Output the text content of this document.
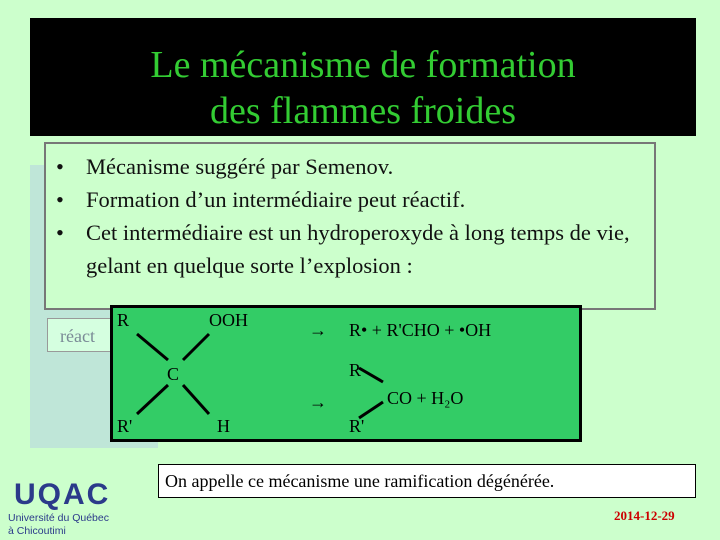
Le mécanisme de formation
des flammes froides
réact
• Mécanisme suggéré par Semenov.
• Formation d’un intermédiaire peut réactif.
• Cet intermédiaire est un hydroperoxyde à long temps de vie, gelant en quelque sorte l’explosion :
R	OOH
C
R'	H
→ R• + R'CHO + •OH
→
R
CO + H₂O
R'
On appelle ce mécanisme une ramification dégénérée.
UQAC
Université du Québec
à Chicoutimi
2014-12-29
